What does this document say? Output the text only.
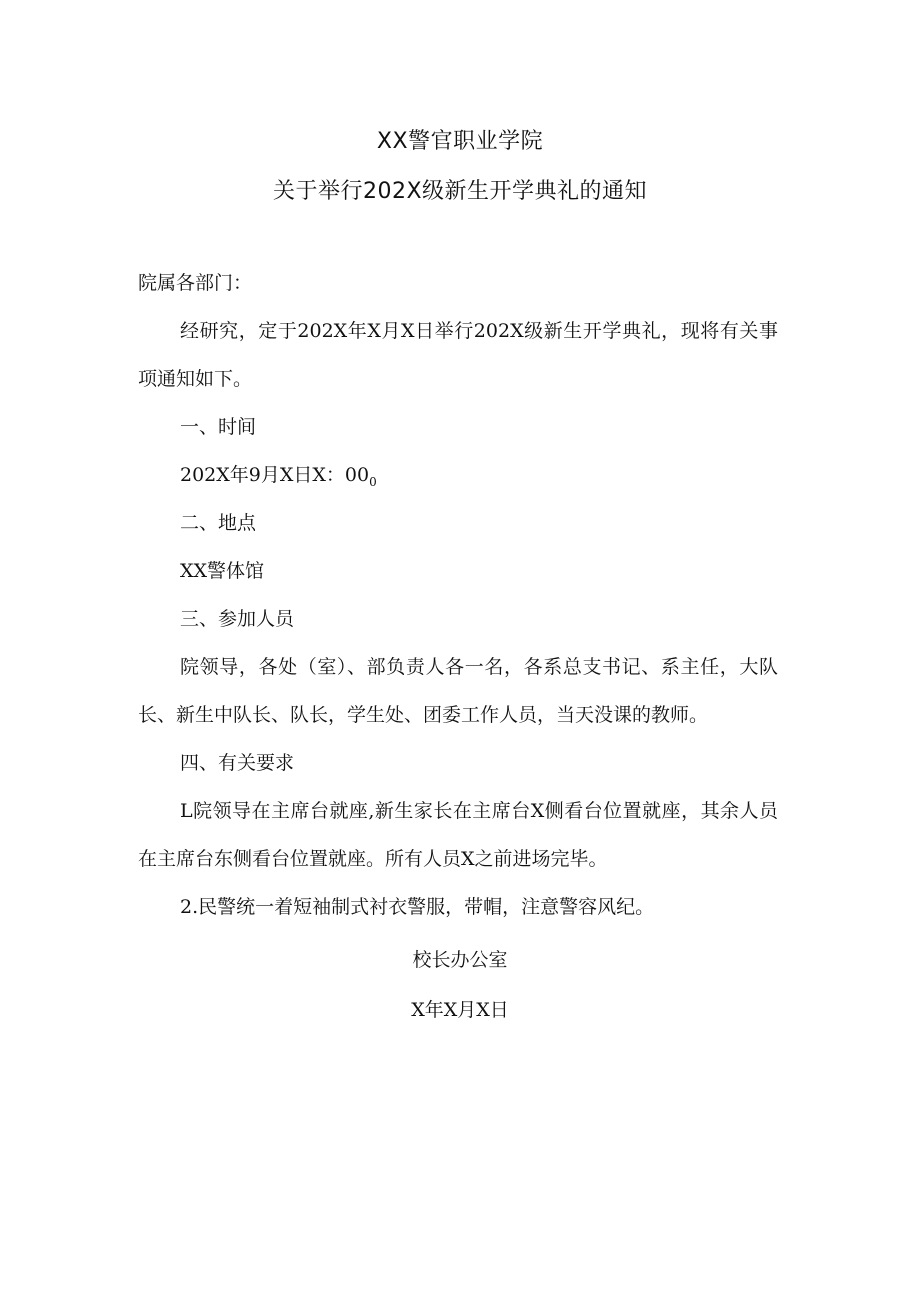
XX警官职业学院
关于举行202X级新生开学典礼的通知
院属各部门：
经研究，定于202X年X月X日举行202X级新生开学典礼，现将有关事项通知如下。
一、时间
202X年9月X日X：$00_0$
二、地点
XX警体馆
三、参加人员
院领导，各处（室）、部负责人各一名，各系总支书记、系主任，大队长、新生中队长、队长，学生处、团委工作人员，当天没课的教师。
四、有关要求
L院领导在主席台就座,新生家长在主席台X侧看台位置就座，其余人员在主席台东侧看台位置就座。所有人员X之前进场完毕。
2.民警统一着短袖制式衬衣警服，带帽，注意警容风纪。
校长办公室
X年X月X日
